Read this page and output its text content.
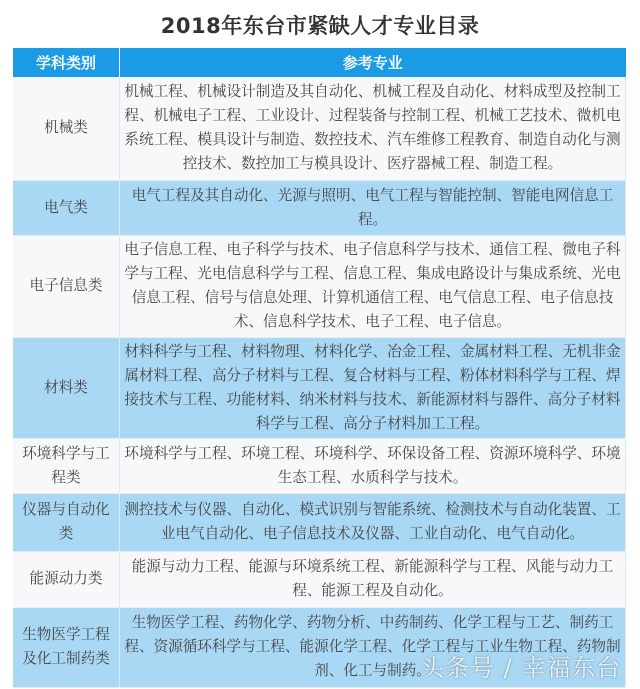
2018年东台市紧缺人才专业目录
学科类别	参考专业
机械类	机械工程、机械设计制造及其自动化、机械工程及自动化、材料成型及控制工程、机械电子工程、工业设计、过程装备与控制工程、机械工艺技术、微机电系统工程、模具设计与制造、数控技术、汽车维修工程教育、制造自动化与测控技术、数控加工与模具设计、医疗器械工程、制造工程。
电气类	电气工程及其自动化、光源与照明、电气工程与智能控制、智能电网信息工程。
电子信息类	电子信息工程、电子科学与技术、电子信息科学与技术、通信工程、微电子科学与工程、光电信息科学与工程、信息工程、集成电路设计与集成系统、光电信息工程、信号与信息处理、计算机通信工程、电气信息工程、电子信息技术、信息科学技术、电子工程、电子信息。
材料类	材料科学与工程、材料物理、材料化学、冶金工程、金属材料工程、无机非金属材料工程、高分子材料与工程、复合材料与工程、粉体材料科学与工程、焊接技术与工程、功能材料、纳米材料与技术、新能源材料与器件、高分子材料科学与工程、高分子材料加工工程。
环境科学与工程类	环境科学与工程、环境工程、环境科学、环保设备工程、资源环境科学、环境生态工程、水质科学与技术。
仪器与自动化类	测控技术与仪器、自动化、模式识别与智能系统、检测技术与自动化装置、工业电气自动化、电子信息技术及仪器、工业自动化、电气自动化。
能源动力类	能源与动力工程、能源与环境系统工程、新能源科学与工程、风能与动力工程、能源工程及自动化。
生物医学工程及化工制药类	生物医学工程、药物化学、药物分析、中药制药、化学工程与工艺、制药工程、资源循环科学与工程、能源化学工程、化学工程与工业生物工程、药物制剂、化工与制药。
头条号 / 幸福东台
